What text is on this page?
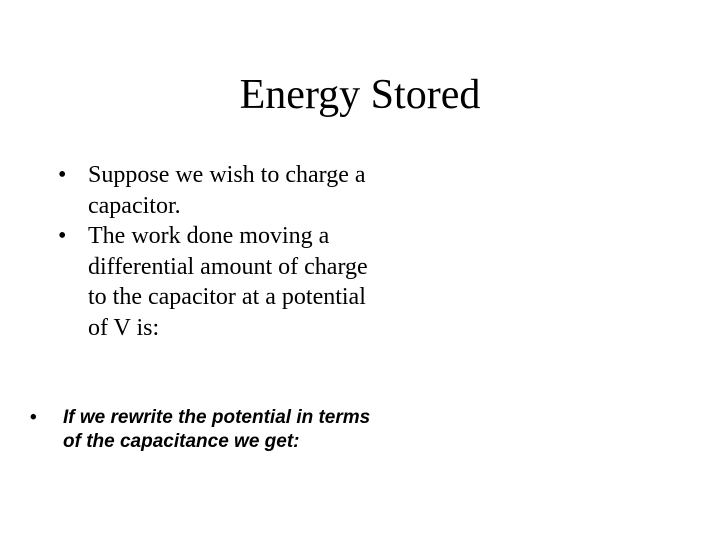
Energy Stored
• Suppose we wish to charge a capacitor.
• The work done moving a differential amount of charge to the capacitor at a potential of V is:
• If we rewrite the potential in terms of the capacitance we get:
